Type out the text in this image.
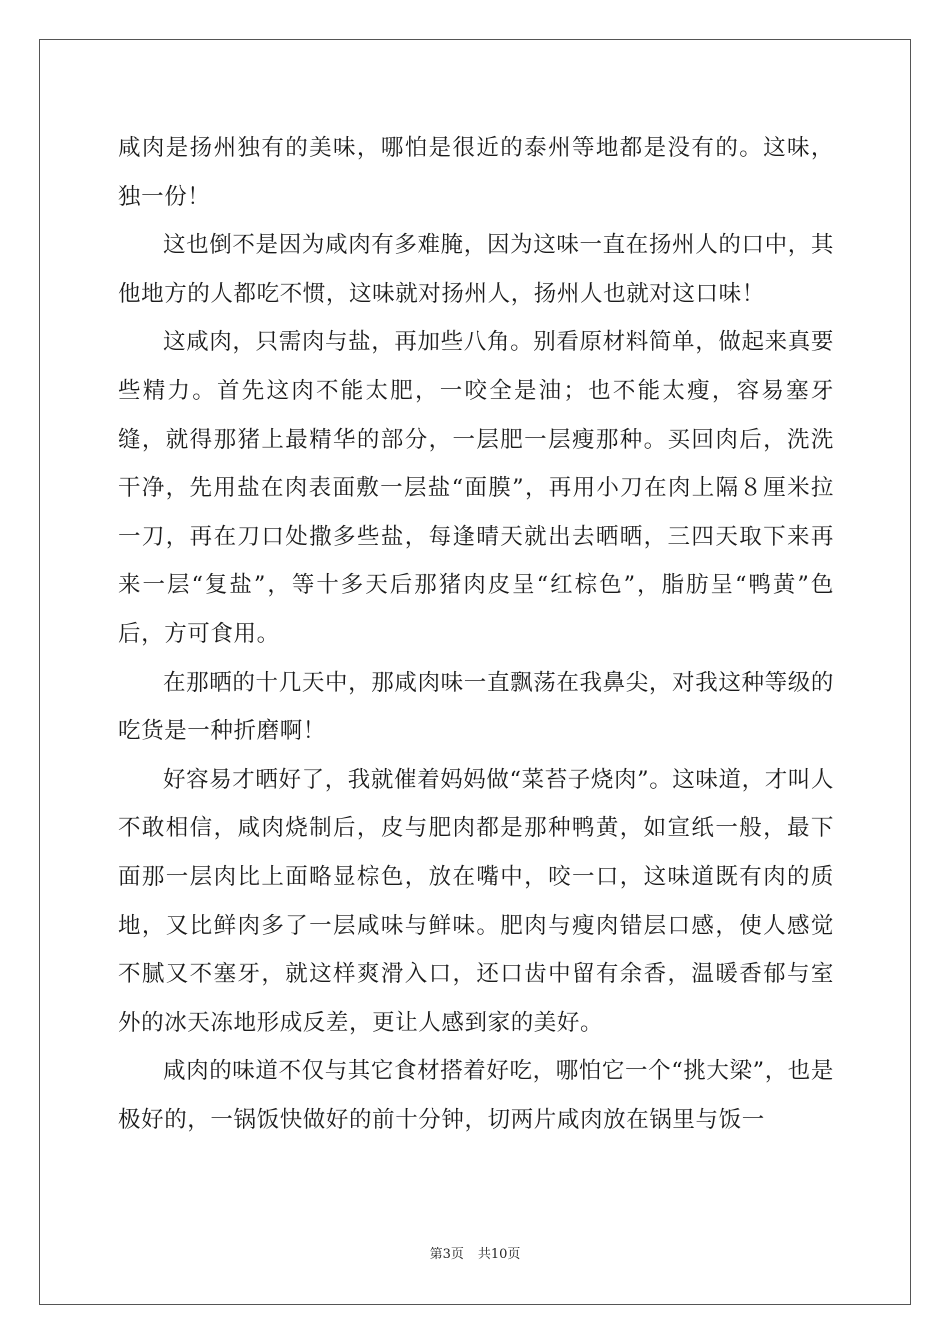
咸肉是扬州独有的美味，哪怕是很近的泰州等地都是没有的。这味，独一份！

这也倒不是因为咸肉有多难腌，因为这味一直在扬州人的口中，其他地方的人都吃不惯，这味就对扬州人，扬州人也就对这口味！

这咸肉，只需肉与盐，再加些八角。别看原材料简单，做起来真要些精力。首先这肉不能太肥，一咬全是油；也不能太瘦，容易塞牙缝，就得那猪上最精华的部分，一层肥一层瘦那种。买回肉后，洗洗干净，先用盐在肉表面敷一层盐“面膜”，再用小刀在肉上隔８厘米拉一刀，再在刀口处撒多些盐，每逢晴天就出去晒晒，三四天取下来再来一层“复盐”，等十多天后那猪肉皮呈“红棕色”，脂肪呈“鸭黄”色后，方可食用。

在那晒的十几天中，那咸肉味一直飘荡在我鼻尖，对我这种等级的吃货是一种折磨啊！

好容易才晒好了，我就催着妈妈做“菜苔子烧肉”。这味道，才叫人不敢相信，咸肉烧制后，皮与肥肉都是那种鸭黄，如宣纸一般，最下面那一层肉比上面略显棕色，放在嘴中，咬一口，这味道既有肉的质地，又比鲜肉多了一层咸味与鲜味。肥肉与瘦肉错层口感，使人感觉不腻又不塞牙，就这样爽滑入口，还口齿中留有余香，温暖香郁与室外的冰天冻地形成反差，更让人感到家的美好。

咸肉的味道不仅与其它食材搭着好吃，哪怕它一个“挑大梁”，也是极好的，一锅饭快做好的前十分钟，切两片咸肉放在锅里与饭一

第3页 共10页
